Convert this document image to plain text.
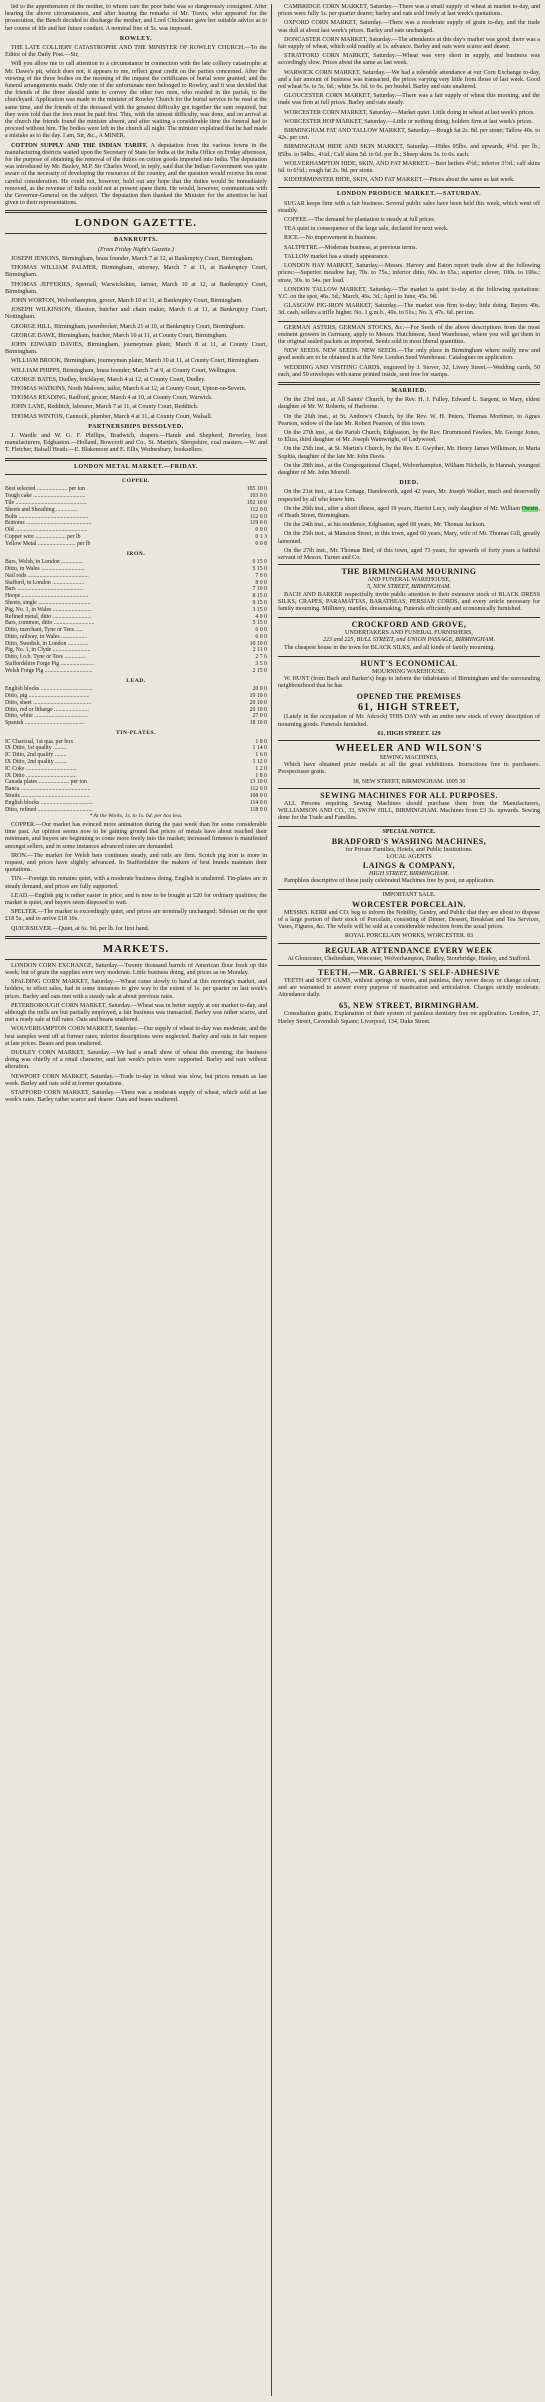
led to the apprehension of the mother, to whom care the poor babe was so dangerously consigned. After hearing the above circumstances, and after hearing the remarks of Mr. Travis, who appeared for the prosecution, the Bench decided to discharge the mother, and Lord Chichester gave her suitable advice as to her course of life and her future conduct. A nominal fine of 5s. was imposed.

ROWLEY.

THE LATE COLLIERY CATASTROPHE AND THE MINISTER OF ROWLEY CHURCH.—To the Editor of the Daily Post.—Sir,

Will you allow me to call attention to a circumstance in connection with the late colliery catastrophe at Mr. Dawe's pit, which does not, it appears to me, reflect great credit on the parties concerned. After the viewing of the three bodies on the morning of the inquest the certificates of burial were granted, and the funeral arrangements made. Only one of the unfortunate men belonged to Rowley, and it was decided that the friends of the three should unite to convey the other two men, who resided in the parish, to the churchyard. Application was made to the minister of Rowley Church for the burial service to be read at the same time, and the friends of the deceased with the greatest difficulty got together the sum required, but they were told that the fees must be paid first. This, with the utmost difficulty, was done, and on arrival at the church the friends found the minister absent, and after waiting a considerable time the funeral had to proceed without him. The bodies were left in the church all night. The minister explained that he had made a mistake as to the day. I am, Sir, &c., A MINER.

COTTON SUPPLY AND THE INDIAN TARIFF. A deputation from the various towns in the manufacturing districts waited upon the Secretary of State for India at the India Office on Friday afternoon, for the purpose of obtaining the removal of the duties on cotton goods imported into India. The deputation was introduced by Mr. Bazley, M.P. Sir Charles Wood, in reply, said that the Indian Government was quite aware of the necessity of developing the resources of the country, and the question would receive his most careful consideration. He could not, however, hold out any hope that the duties would be immediately removed, as the revenue of India could not at present spare them. He would, however, communicate with the Governor-General on the subject. The deputation then thanked the Minister for the attention he had given to their representations.

LONDON GAZETTE.
BANKRUPTS.
(From Friday Night's Gazette.)

JOSEPH JENKINS, Birmingham, brass founder, March 7 at 12, at Bankruptcy Court, Birmingham.

THOMAS WILLIAM PALMER, Birmingham, attorney, March 7 at 11, at Bankruptcy Court, Birmingham.

THOMAS JEFFERIES, Spernall, Warwickshire, farmer, March 10 at 12, at Bankruptcy Court, Birmingham.

JOHN WORTON, Wolverhampton, grocer, March 10 at 11, at Bankruptcy Court, Birmingham.

JOSEPH WILKINSON, Ilkeston, butcher and chain maker, March 6 at 11, at Bankruptcy Court, Nottingham.

GEORGE HILL, Birmingham, pawnbroker, March 21 at 10, at Bankruptcy Court, Birmingham.

GEORGE DAWE, Birmingham, butcher, March 10 at 11, at County Court, Birmingham.

JOHN EDWARD DAVIES, Birmingham, journeyman plater, March 8 at 11, at County Court, Birmingham.

WILLIAM BROOK, Birmingham, journeyman plater, March 10 at 11, at County Court, Birmingham.

WILLIAM PHIPPS, Birmingham, brass founder, March 7 at 9, at County Court, Wellington.

GEORGE BATES, Dudley, bricklayer, March 4 at 12, at County Court, Dudley.

THOMAS WATKINS, North Malvern, tailor, March 6 at 12, at County Court, Upton-on-Severn.

THOMAS READING, Radford, grocer, March 4 at 10, at County Court, Warwick.

JOHN LANE, Redditch, labourer, March 7 at 11, at County Court, Redditch.

THOMAS WINTON, Cannock, plumber, March 4 at 11, at County Court, Walsall.

PARTNERSHIPS DISSOLVED.

J. Wardle and W. G. F. Phillips, Bradwich, drapers.—Hands and Shepherd, Beverley, boot manufacturers, Edgbaston.—Holland, Bowcroft and Co., St. Martin's, Shropshire, coal masters.—W. and T. Fletcher, Balsall Heath.—E. Blakemore and E. Ellis, Wednesbury, booksellers.

LONDON METAL MARKET.—FRIDAY.
COPPER.
Best selected ..................... per ton	105 10 0
Tough cake ....................................	103 0 0
Tile .................................................	102 10 0
Sheets and Sheathing ...............	112 0 0
Bolts ................................................	112 0 0
Bottoms .............................................	119 0 0
Old ..................................................	0 0 0
Copper wire ..................... per lb	0 1 3
Yellow Metal .......................... per lb	0 0 8
IRON.
Bars, Welsh, in London ...............	6 15 0
Ditto, in Wales ..............................	5 15 0
Nail rods ..........................................	7 0 0
Stafford, in London ......................	8 0 0
Bars ..............................................	7 10 0
Hoops ..............................................	8 15 0
Sheets, single ....................................	9 15 0
Pig, No. 1, in Wales ...........................	3 15 0
Refined metal, ditto ...........................	4 0 0
Bars, common, ditto ............................	5 15 0
Ditto, merchant, Tyne or Tees .....	6 0 0
Ditto, railway, in Wales ..................	6 0 0
Ditto, Swedish, in London ..............	10 10 0
Pig, No. 1, in Clyde ..........................	2 11 0
Ditto, f.o.b. Tyne or Tees ...............	2 7 6
Staffordshire Forge Pig .......................	3 5 0
Welsh Forge Pig .................................	2 15 0
LEAD.
English blocks ....................................	20 0 0
Ditto, pig ..........................................	19 10 0
Ditto, sheet ........................................	20 10 0
Ditto, red or litharge ........................	20 10 0
Ditto, white .....................................	27 0 0
Spanish .........................................	18 10 0
TIN-PLATES.
IC Charcoal, 1st qua. per box	1 8 0
IX Ditto, 1st quality .........	1 14 0
IC Ditto, 2nd quality ........	1 6 0
IX Ditto, 2nd quality ........	1 12 0
IC Coke ...................................	1 2 0
IX Ditto ...................................	1 8 0
Canada plates ..................... per ton	13 10 0
Banca ................................................	112 0 0
Straits ...............................................	108 0 0
English blocks ....................................	114 0 0
Ditto, refined ......................................	118 0 0
* At the Works, 1s. to 1s. 6d. per box less.

COPPER.—Our market has evinced more animation during the past week than for some considerable time past. An opinion seems now to be gaining ground that prices of metals have about reached their minimum, and buyers are beginning to come more freely into the market; increased firmness is manifested amongst sellers, and in some instances advanced rates are demanded.

IRON.—The market for Welsh bars continues steady, and rails are firm. Scotch pig iron is more in request, and prices have slightly advanced. In Staffordshire the makers of best brands maintain their quotations.

TIN.—Foreign tin remains quiet, with a moderate business doing. English is unaltered. Tin-plates are in steady demand, and prices are fully supported.

LEAD.—English pig is rather easier in price, and is now to be bought at £20 for ordinary qualities; the market is quiet, and buyers seem disposed to wait.

SPELTER.—The market is exceedingly quiet, and prices are nominally unchanged; Silesian on the spot £18 5s., and to arrive £18 10s.

QUICKSILVER.—Quiet, at 6s. 9d. per lb. for first hand.

MARKETS.

LONDON CORN EXCHANGE, Saturday.—Twenty thousand barrels of American flour fresh up this week; but of grain the supplies were very moderate. Little business doing, and prices as on Monday.

SPALDING CORN MARKET, Saturday.—Wheat came slowly to hand at this morning's market, and holders, to effect sales, had in some instances to give way to the extent of 1s. per quarter on last week's prices. Barley and oats met with a steady sale at about previous rates.

PETERBOROUGH CORN MARKET, Saturday.—Wheat was in better supply at our market to-day, and although the mills are but partially employed, a fair business was transacted. Barley was rather scarce, and met a ready sale at full rates. Oats and beans unaltered.

WOLVERHAMPTON CORN MARKET, Saturday.—Our supply of wheat to-day was moderate, and the best samples went off at former rates; inferior descriptions were neglected. Barley and oats in fair request at late prices. Beans and peas unaltered.

DUDLEY CORN MARKET, Saturday.—We had a small show of wheat this morning; the business doing was chiefly of a retail character, and last week's prices were supported. Barley and oats without alteration.

NEWPORT CORN MARKET, Saturday.—Trade to-day in wheat was slow, but prices remain as last week. Barley and oats sold at former quotations.

STAFFORD CORN MARKET, Saturday.—There was a moderate supply of wheat, which sold at last week's rates. Barley rather scarce and dearer. Oats and beans unaltered.

CAMBRIDGE CORN MARKET, Saturday.—There was a small supply of wheat at market to-day, and prices were fully 1s. per quarter dearer; barley and oats sold freely at last week's quotations.

OXFORD CORN MARKET, Saturday.—There was a moderate supply of grain to-day, and the trade was dull at about last week's prices. Barley and oats unchanged.

DONCASTER CORN MARKET, Saturday.—The attendance at this day's market was good; there was a fair supply of wheat, which sold readily at 1s. advance. Barley and oats were scarce and dearer.

STRATFORD CORN MARKET, Saturday.—Wheat was very short in supply, and business was accordingly slow. Prices about the same as last week.

WARWICK CORN MARKET, Saturday.—We had a tolerable attendance at our Corn Exchange to-day, and a fair amount of business was transacted, the prices varying very little from those of last week. Good red wheat 5s. to 5s. 6d.; white 5s. 6d. to 6s. per bushel. Barley and oats unaltered.

GLOUCESTER CORN MARKET, Saturday.—There was a fair supply of wheat this morning, and the trade was firm at full prices. Barley and oats steady.

WORCESTER CORN MARKET, Saturday.—Market quiet. Little doing in wheat at last week's prices.

WORCESTER HOP MARKET, Saturday.—Little or nothing doing; holders firm at last week's prices.

BIRMINGHAM FAT AND TALLOW MARKET, Saturday.—Rough fat 2s. 8d. per stone; Tallow 40s. to 42s. per cwt.

BIRMINGHAM HIDE AND SKIN MARKET, Saturday.—Hides 95lbs. and upwards, 4½d. per lb.; 85lbs. to 94lbs., 4¼d.; Calf skins 5d. to 6d. per lb.; Sheep skins 3s. to 6s. each.

WOLVERHAMPTON HIDE, SKIN, AND FAT MARKET.—Best heifers 4½d.; inferior 3½d.; calf skins 6d. to 6½d.; rough fat 2s. 9d. per stone.

KIDDERMINSTER HIDE, SKIN, AND FAT MARKET.—Prices about the same as last week.

LONDON PRODUCE MARKET.—SATURDAY.

SUGAR keeps firm with a fair business. Several public sales have been held this week, which went off steadily.

COFFEE.—The demand for plantation is steady at full prices.

TEA quiet in consequence of the large sale, declared for next week.

RICE.—No improvement in business.

SALTPETRE.—Moderate business, at previous terms.

TALLOW market has a steady appearance.

LONDON HAY MARKET, Saturday.—Messrs. Harvey and Eaton report trade slow at the following prices:—Superior meadow hay, 70s. to 75s.; inferior ditto, 60s. to 65s.; superior clover, 100s. to 106s.; straw, 30s. to 34s. per load.

LONDON TALLOW MARKET, Saturday.—The market is quiet to-day at the following quotations: Y.C. on the spot, 46s. 3d.; March, 46s. 3d.; April to June, 45s. 9d.

GLASGOW PIG-IRON MARKET, Saturday.—The market was firm to-day; little doing. Buyers 49s. 3d. cash, sellers a trifle higher. No. 1 g.m.b., 49s. to 51s.; No. 3, 47s. 6d. per ton.

GERMAN ASTERS, GERMAN STOCKS, &c.—For Seeds of the above descriptions from the most eminent growers in Germany, apply to Messrs. Hutchinson, Seed Warehouse, where you will get them in the original sealed packets as imported. Seeds sold in most liberal quantities.

NEW SEEDS. NEW SEEDS. NEW SEEDS.—The only place in Birmingham where really new and good seeds are to be obtained is at the New London Seed Warehouse. Catalogues on application.

WEDDING AND VISITING CARDS, engraved by J. Stover, 32, Livery Street.—Wedding cards, 50 each, and 50 envelopes with name printed inside, sent free for stamps.

MARRIED.

On the 23rd inst., at All Saints' Church, by the Rev. H. J. Fulley, Edward L. Sargent, to Mary, eldest daughter of Mr. W. Roberts, of Harborne.

On the 26th inst., at St. Andrew's Church, by the Rev. W. H. Peters, Thomas Mortimer, to Agnes Pearson, widow of the late Mr. Robert Pearson, of this town.

On the 27th inst., at the Parish Church, Edgbaston, by the Rev. Drummond Fawkes, Mr. George Jones, to Eliza, third daughter of Mr. Joseph Wainwright, of Ladywood.

On the 25th inst., at St. Martin's Church, by the Rev. E. Gwyther, Mr. Henry James Wilkinson, to Maria Sophia, daughter of the late Mr. John Davis.

On the 28th inst., at the Congregational Chapel, Wolverhampton, William Nicholls, to Hannah, youngest daughter of Mr. John Morrell.

DIED.

On the 21st inst., at Lea Cottage, Handsworth, aged 42 years, Mr. Joseph Walker, much and deservedly respected by all who knew him.

On the 26th inst., after a short illness, aged 19 years, Harriet Lucy, only daughter of Mr. William Owens, of Heath Street, Birmingham.

On the 24th inst., at his residence, Edgbaston, aged 68 years, Mr. Thomas Jackson.

On the 25th inst., at Mansion Street, in this town, aged 60 years, Mary, wife of Mr. Thomas Gill, greatly lamented.

On the 27th inst., Mr. Thomas Bird, of this town, aged 73 years, for upwards of forty years a faithful servant of Messrs. Turner and Co.

THE BIRMINGHAM MOURNING
AND FUNERAL WAREHOUSE,
5, NEW STREET, BIRMINGHAM.

BACH AND BARKER respectfully invite public attention to their extensive stock of BLACK DRESS SILKS, CRAPES, PARAMATTAS, BARATHEAS, PERSIAN CORDS, and every article necessary for family mourning. Millinery, mantles, dressmaking. Funerals efficiently and economically furnished.

CROCKFORD AND GROVE,
UNDERTAKERS AND FUNERAL FURNISHERS,
223 and 225, BULL STREET, and UNION PASSAGE, BIRMINGHAM.

The cheapest house in the town for BLACK SILKS, and all kinds of family mourning.

HUNT'S ECONOMICAL
MOURNING WAREHOUSE.

W. HUNT (from Bach and Barker's) begs to inform the inhabitants of Birmingham and the surrounding neighbourhood that he has

OPENED THE PREMISES
61, HIGH STREET,

(Lately in the occupation of Mr. Adcock) THIS DAY with an entire new stock of every description of mourning goods. Funerals furnished.

61, HIGH STREET. 129
WHEELER AND WILSON'S
SEWING MACHINES,

Which have obtained prize medals at all the great exhibitions. Instructions free to purchasers. Prospectuses gratis.

38, NEW STREET, BIRMINGHAM. 1005 30
SEWING MACHINES FOR ALL PURPOSES.

ALL Persons requiring Sewing Machines should purchase them from the Manufacturers, WILLIAMSON AND CO., 33, SNOW HILL, BIRMINGHAM. Machines from £3 3s. upwards. Sewing done for the Trade and Families.

SPECIAL NOTICE.
BRADFORD'S WASHING MACHINES,
for Private Families, Hotels, and Public Institutions.
LOCAL AGENTS
LAINGS & COMPANY,
HIGH STREET, BIRMINGHAM.

Pamphlets descriptive of these justly celebrated Machines free by post, on application.

IMPORTANT SALE.
WORCESTER PORCELAIN.

MESSRS. KERR and CO. beg to inform the Nobility, Gentry, and Public that they are about to dispose of a large portion of their stock of Porcelain, consisting of Dinner, Dessert, Breakfast and Tea Services, Vases, Figures, &c. The whole will be sold at a considerable reduction from the usual prices.

ROYAL PORCELAIN WORKS, WORCESTER. 83
REGULAR ATTENDANCE EVERY WEEK
At Gloucester, Cheltenham, Worcester, Wolverhampton, Dudley, Stourbridge, Hanley, and Stafford.
TEETH.—MR. GABRIEL'S SELF-ADHESIVE

TEETH and SOFT GUMS, without springs or wires, and painless, they never decay or change colour, and are warranted to answer every purpose of mastication and articulation. Charges strictly moderate. Attendance daily.

65, NEW STREET, BIRMINGHAM.

Consultation gratis. Explanation of their system of painless dentistry free on application. London, 27, Harley Street, Cavendish Square; Liverpool, 134, Duke Street.
